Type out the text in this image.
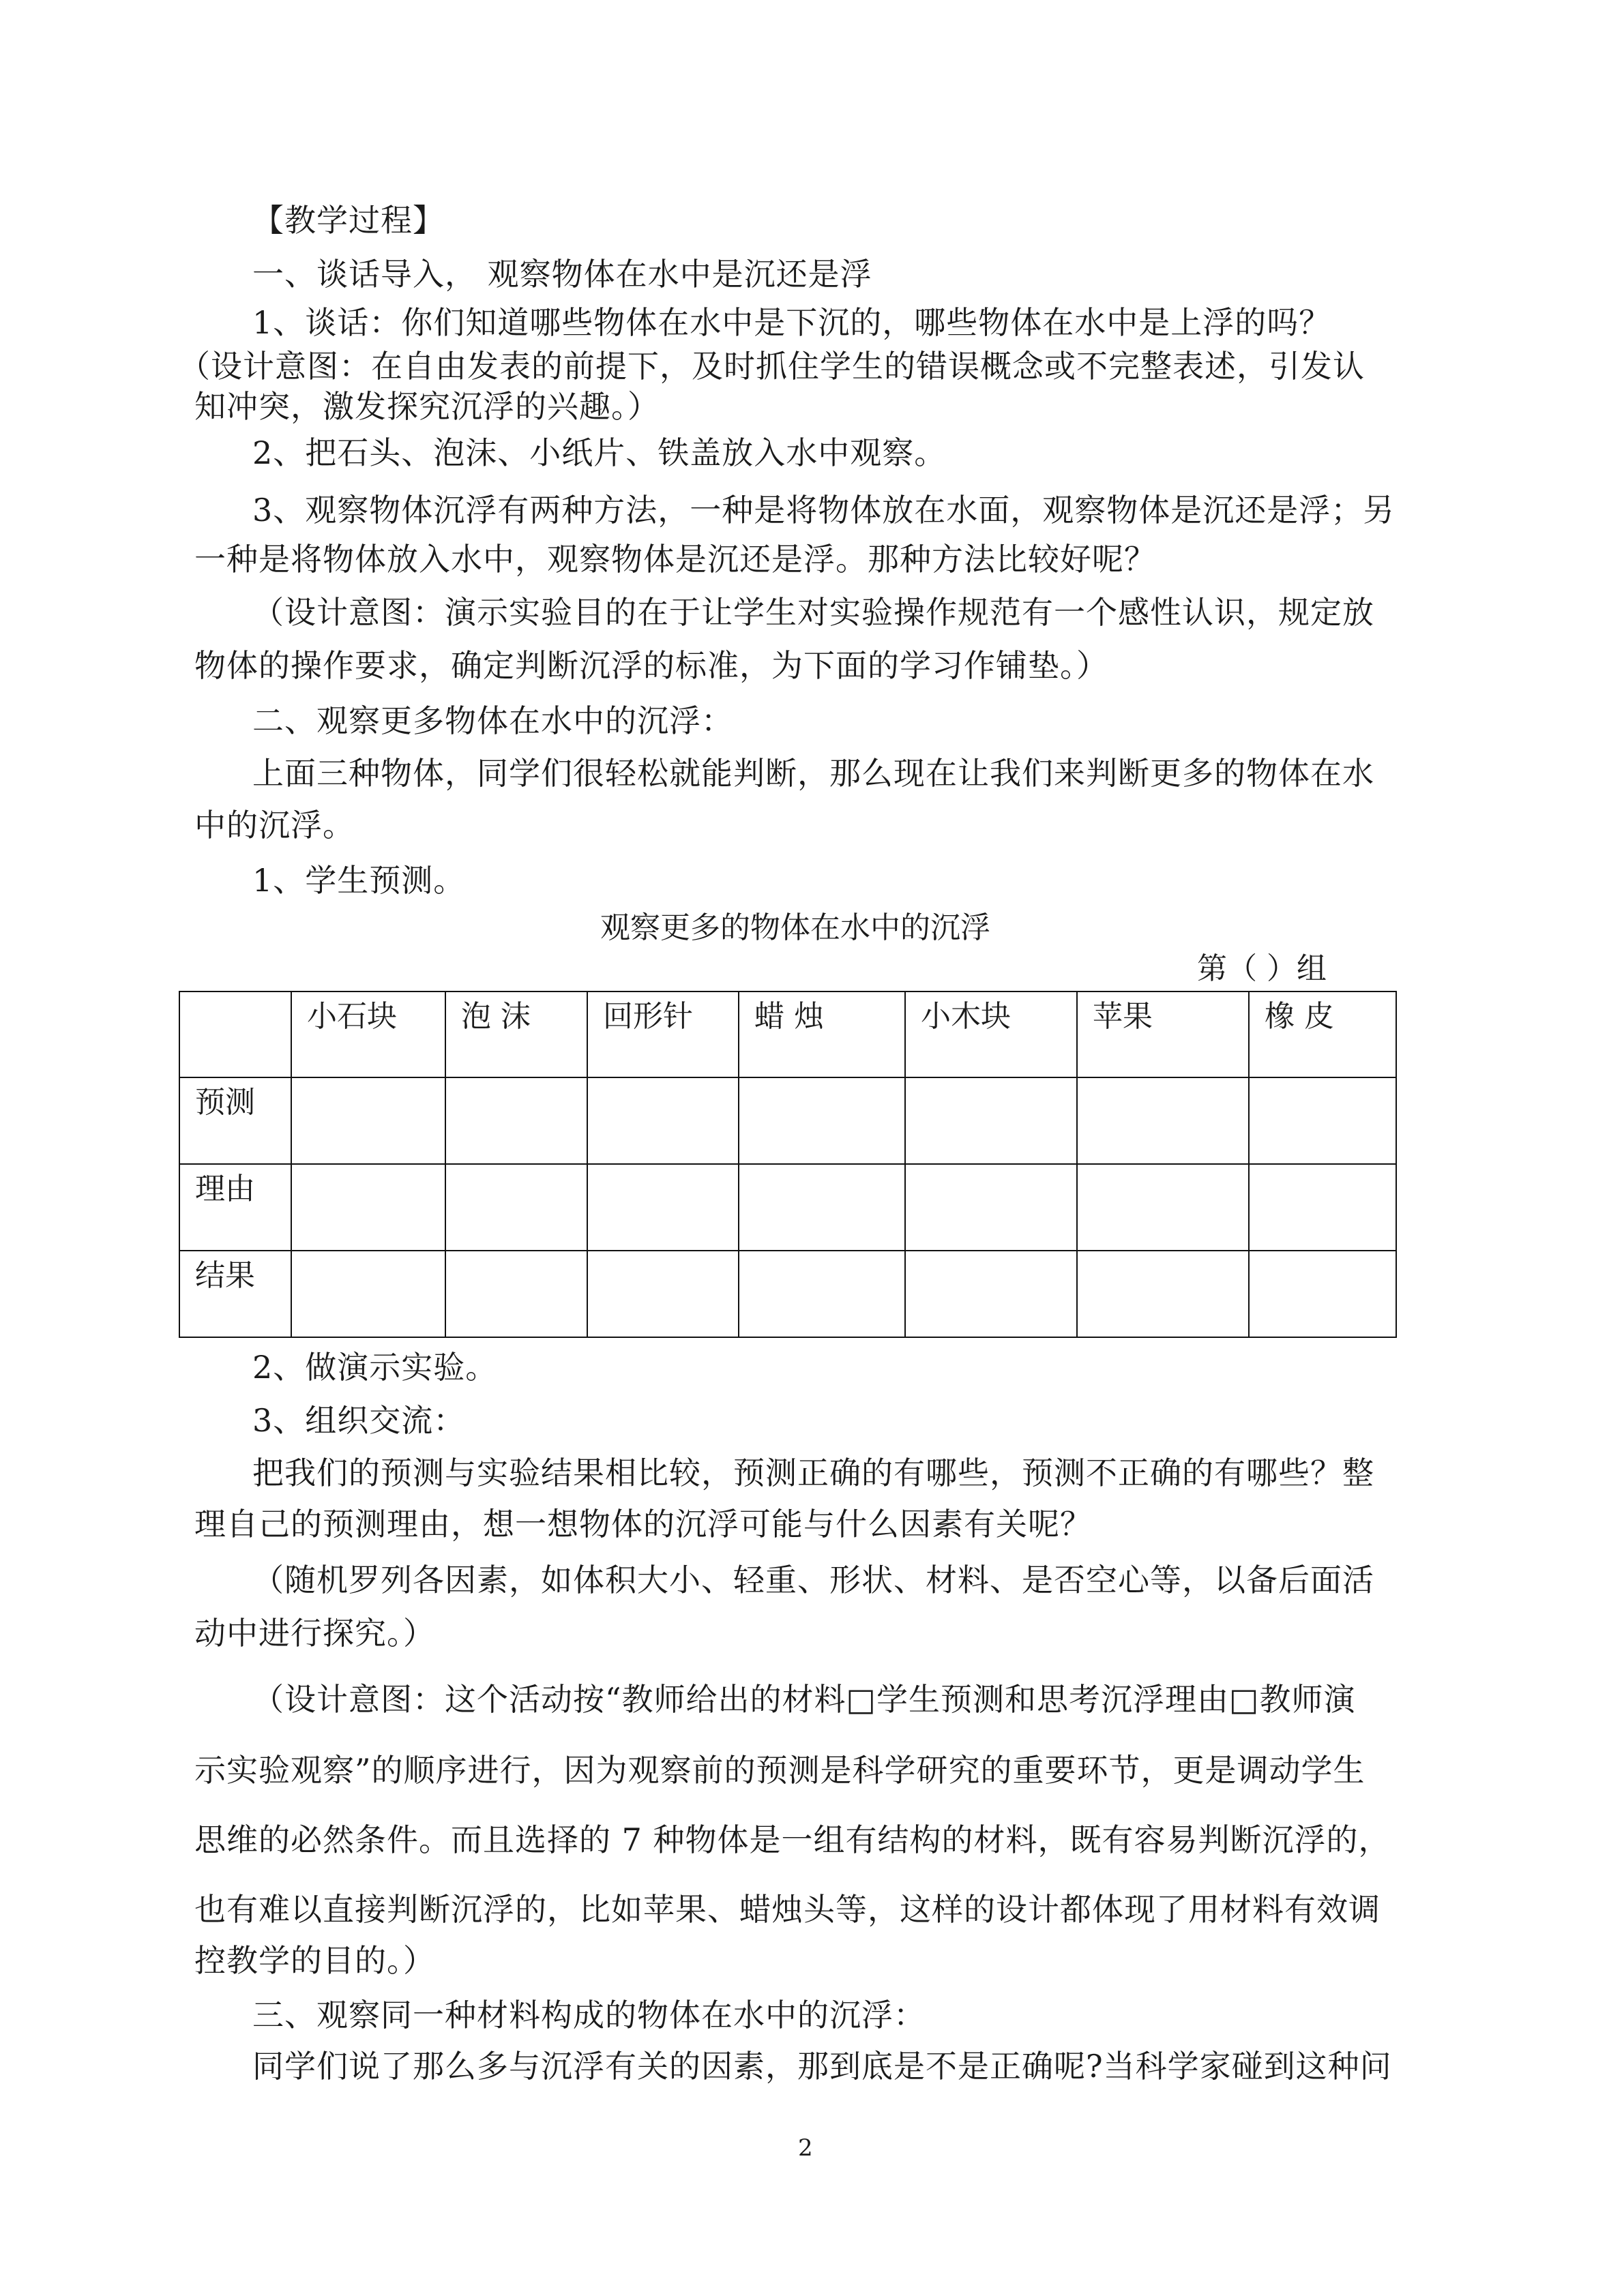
【教学过程】
一、谈话导入， 观察物体在水中是沉还是浮
1、谈话：你们知道哪些物体在水中是下沉的，哪些物体在水中是上浮的吗？
（设计意图：在自由发表的前提下，及时抓住学生的错误概念或不完整表述，引发认
知冲突，激发探究沉浮的兴趣。）
2、把石头、泡沫、小纸片、铁盖放入水中观察。
3、观察物体沉浮有两种方法，一种是将物体放在水面，观察物体是沉还是浮；另
一种是将物体放入水中，观察物体是沉还是浮。那种方法比较好呢？
（设计意图：演示实验目的在于让学生对实验操作规范有一个感性认识，规定放
物体的操作要求，确定判断沉浮的标准，为下面的学习作铺垫。）
二、观察更多物体在水中的沉浮：
上面三种物体，同学们很轻松就能判断，那么现在让我们来判断更多的物体在水
中的沉浮。
1、学生预测。
观察更多的物体在水中的沉浮
第（ ）组
	小石块	泡 沫	回形针	蜡 烛	小木块	苹果	橡 皮
预测							
理由							
结果							
2、做演示实验。
3、组织交流：
把我们的预测与实验结果相比较，预测正确的有哪些，预测不正确的有哪些？整
理自己的预测理由，想一想物体的沉浮可能与什么因素有关呢？
（随机罗列各因素，如体积大小、轻重、形状、材料、是否空心等，以备后面活
动中进行探究。）
（设计意图：这个活动按“教师给出的材料□学生预测和思考沉浮理由□教师演
示实验观察”的顺序进行，因为观察前的预测是科学研究的重要环节，更是调动学生
思维的必然条件。而且选择的 7 种物体是一组有结构的材料，既有容易判断沉浮的，
也有难以直接判断沉浮的，比如苹果、蜡烛头等，这样的设计都体现了用材料有效调
控教学的目的。）
三、观察同一种材料构成的物体在水中的沉浮：
同学们说了那么多与沉浮有关的因素，那到底是不是正确呢?当科学家碰到这种问
2
